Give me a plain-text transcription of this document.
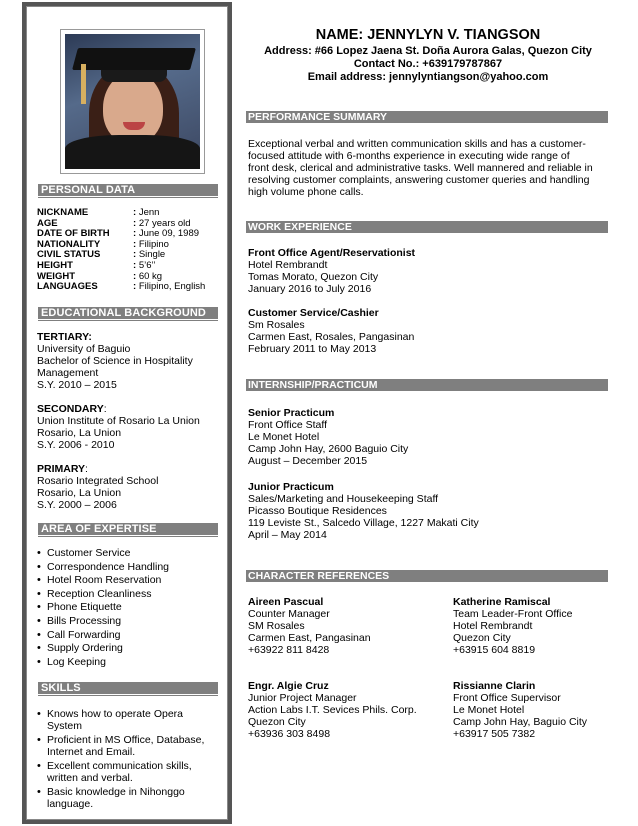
PERSONAL DATA
NICKNAME	: Jenn
AGE	: 27 years old
DATE OF BIRTH	: June 09, 1989
NATIONALITY	: Filipino
CIVIL STATUS	: Single
HEIGHT	: 5’6’’
WEIGHT	: 60 kg
LANGUAGES	: Filipino, English
EDUCATIONAL BACKGROUND
TERTIARY:
University of Baguio
Bachelor of Science in Hospitality
Management
S.Y. 2010 – 2015
SECONDARY:
Union Institute of Rosario La Union
Rosario, La Union
S.Y. 2006 - 2010
PRIMARY:
Rosario Integrated School
Rosario, La Union
S.Y. 2000 – 2006
AREA OF EXPERTISE
• Customer Service
• Correspondence Handling
• Hotel Room Reservation
• Reception Cleanliness
• Phone Etiquette
• Bills Processing
• Call Forwarding
• Supply Ordering
• Log Keeping
SKILLS
• Knows how to operate Opera
System
• Proficient in MS Office, Database,
Internet and Email.
• Excellent communication skills,
written and verbal.
• Basic knowledge in Nihonggo
language.
NAME: JENNYLYN V. TIANGSON
Address: #66 Lopez Jaena St. Doña Aurora Galas, Quezon City
Contact No.: +639179787867
Email address: jennylyntiangson@yahoo.com
PERFORMANCE SUMMARY
Exceptional verbal and written communication skills and has a customer-focused attitude with 6-months experience in executing wide range of front desk, clerical and administrative tasks. Well mannered and reliable in resolving customer complaints, answering customer queries and handling high volume phone calls.
WORK EXPERIENCE
Front Office Agent/Reservationist
Hotel Rembrandt
Tomas Morato, Quezon City
January 2016 to July 2016
Customer Service/Cashier
Sm Rosales
Carmen East, Rosales, Pangasinan
February 2011 to May 2013
INTERNSHIP/PRACTICUM
Senior Practicum
Front Office Staff
Le Monet Hotel
Camp John Hay, 2600 Baguio City
August – December 2015
Junior Practicum
Sales/Marketing and Housekeeping Staff
Picasso Boutique Residences
119 Leviste St., Salcedo Village, 1227 Makati City
April – May 2014
CHARACTER REFERENCES
Aireen Pascual
Counter Manager
SM Rosales
Carmen East, Pangasinan
+63922 811 8428
Katherine Ramiscal
Team Leader-Front Office
Hotel Rembrandt
Quezon City
+63915 604 8819
Engr. Algie Cruz
Junior Project Manager
Action Labs I.T. Sevices Phils. Corp.
Quezon City
+63936 303 8498
Rissianne Clarin
Front Office Supervisor
Le Monet Hotel
Camp John Hay, Baguio City
+63917 505 7382
